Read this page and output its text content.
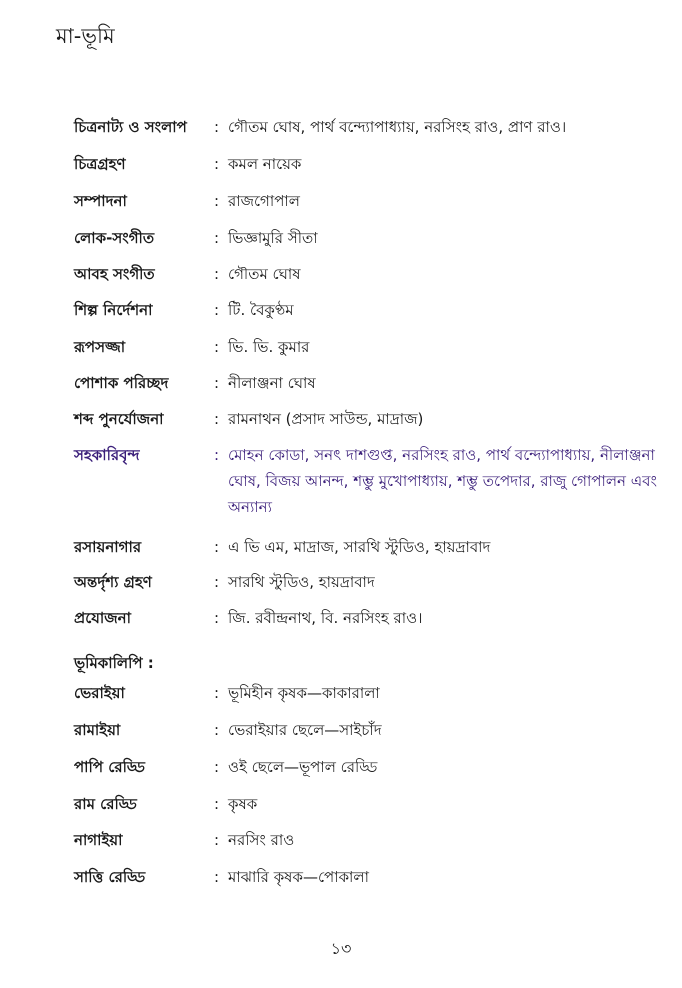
মা-ভূমি
চিত্রনাট্য ও সংলাপ : গৌতম ঘোষ, পার্থ বন্দ্যোপাধ্যায়, নরসিংহ রাও, প্রাণ রাও।
চিত্রগ্রহণ	: কমল নায়েক
সম্পাদনা	: রাজগোপাল
লোক-সংগীত	: ভিজ্ঞামুরি সীতা
আবহ সংগীত	: গৌতম ঘোষ
শিল্প নির্দেশনা	: টি. বৈকুণ্ঠম
রূপসজ্জা	: ভি. ভি. কুমার
পোশাক পরিচ্ছদ	: নীলাঞ্জনা ঘোষ
শব্দ পুনর্যোজনা	: রামনাথন (প্রসাদ সাউন্ড, মাদ্রাজ)
সহকারিবৃন্দ	: মোহন কোডা, সনৎ দাশগুপ্ত, নরসিংহ রাও, পার্থ বন্দ্যোপাধ্যায়, নীলাঞ্জনা ঘোষ, বিজয় আনন্দ, শম্ভু মুখোপাধ্যায়, শম্ভু তপেদার, রাজু গোপালন এবং অন্যান্য
রসায়নাগার	: এ ভি এম, মাদ্রাজ, সারথি স্টুডিও, হায়দ্রাবাদ
অন্তর্দৃশ্য গ্রহণ	: সারথি স্টুডিও, হায়দ্রাবাদ
প্রযোজনা	: জি. রবীন্দ্রনাথ, বি. নরসিংহ রাও।
ভূমিকালিপি :
ভেরাইয়া	: ভূমিহীন কৃষক—কাকারালা
রামাইয়া	: ভেরাইয়ার ছেলে—সাইচাঁদ
পাপি রেড্ডি	: ওই ছেলে—ভূপাল রেড্ডি
রাম রেড্ডি	: কৃষক
নাগাইয়া	: নরসিং রাও
সাত্তি রেড্ডি	: মাঝারি কৃষক—পোকালা
১৩
